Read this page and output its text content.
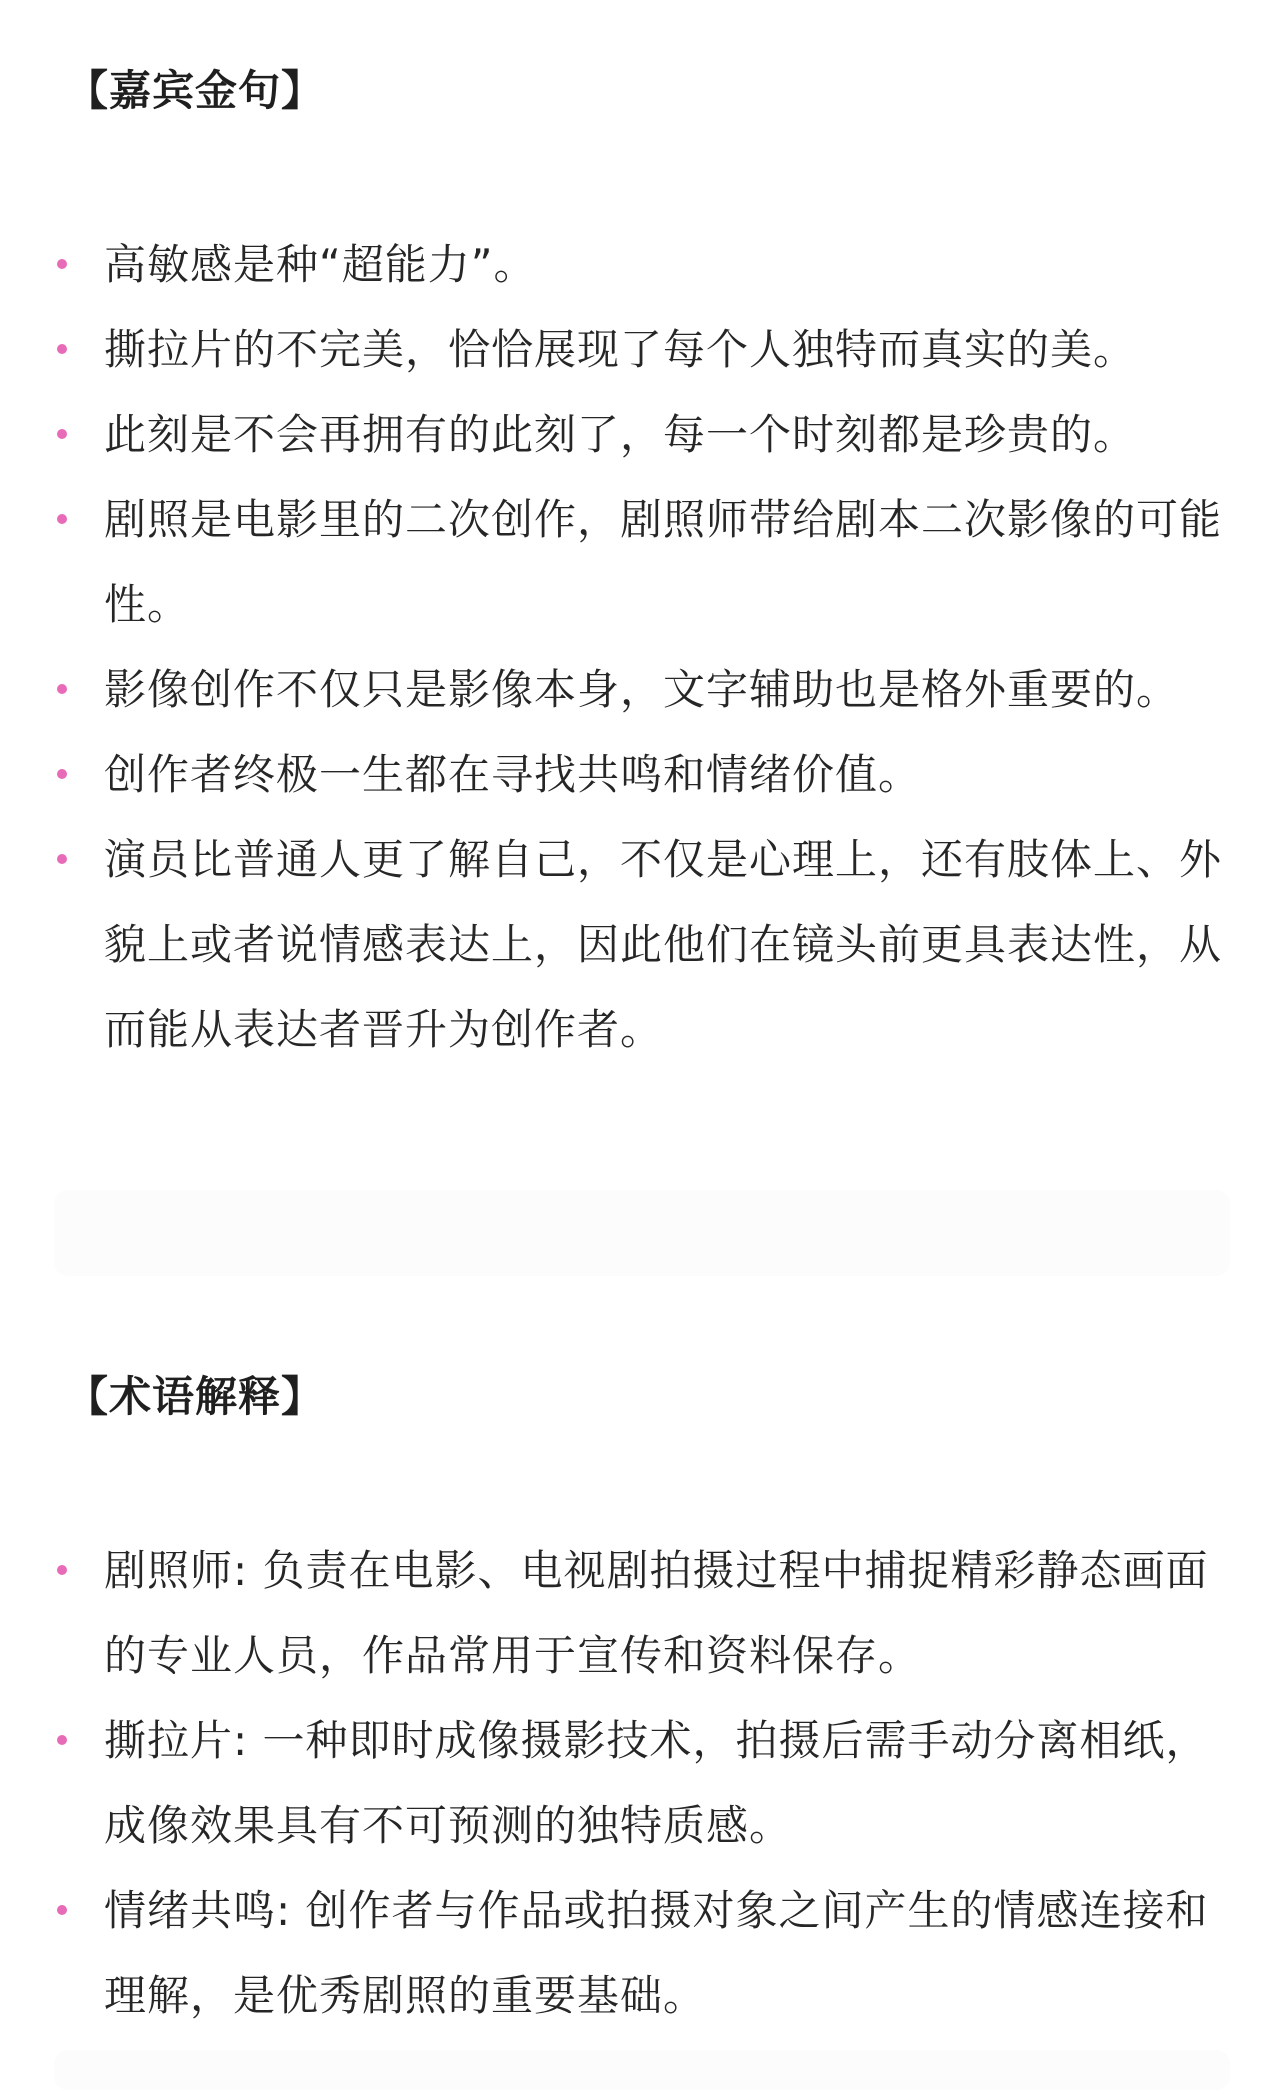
【嘉宾金句】
高敏感是种“超能力”。
撕拉片的不完美，恰恰展现了每个人独特而真实的美。
此刻是不会再拥有的此刻了，每一个时刻都是珍贵的。
剧照是电影里的二次创作，剧照师带给剧本二次影像的可能性。
影像创作不仅只是影像本身，文字辅助也是格外重要的。
创作者终极一生都在寻找共鸣和情绪价值。
演员比普通人更了解自己，不仅是心理上，还有肢体上、外貌上或者说情感表达上，因此他们在镜头前更具表达性，从而能从表达者晋升为创作者。
【术语解释】
剧照师: 负责在电影、电视剧拍摄过程中捕捉精彩静态画面的专业人员，作品常用于宣传和资料保存。
撕拉片: 一种即时成像摄影技术，拍摄后需手动分离相纸，成像效果具有不可预测的独特质感。
情绪共鸣: 创作者与作品或拍摄对象之间产生的情感连接和理解，是优秀剧照的重要基础。
